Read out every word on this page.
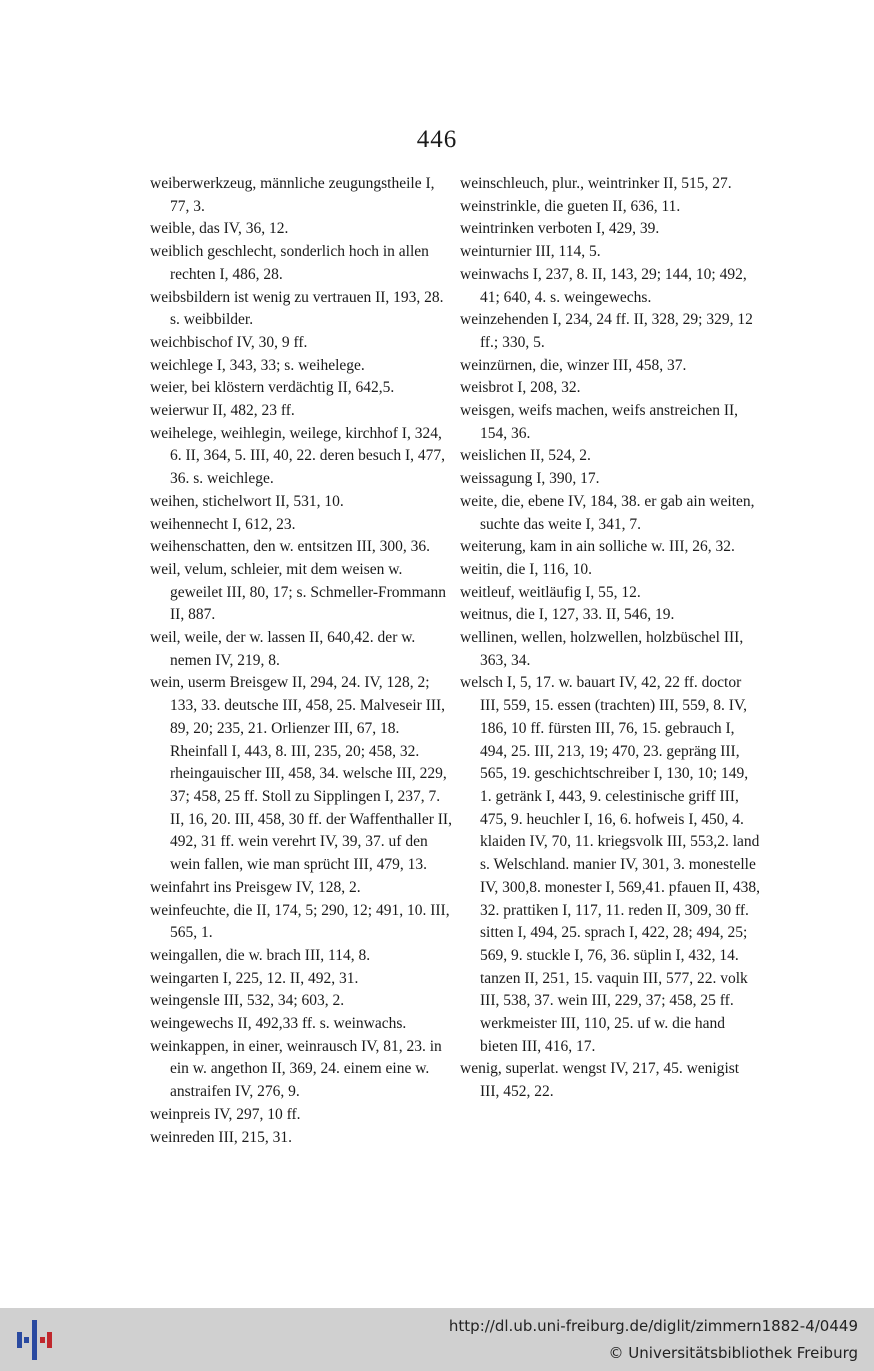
446

weiberwerkzeug, männliche zeugungstheile I, 77, 3.

weible, das IV, 36, 12.

weiblich geschlecht, sonderlich hoch in allen rechten I, 486, 28.

weibsbildern ist wenig zu vertrauen II, 193, 28. s. weibbilder.

weichbischof IV, 30, 9 ff.

weichlege I, 343, 33; s. weihelege.

weier, bei klöstern verdächtig II, 642,5.

weierwur II, 482, 23 ff.

weihelege, weihlegin, weilege, kirchhof I, 324, 6. II, 364, 5. III, 40, 22. deren besuch I, 477, 36. s. weichlege.

weihen, stichelwort II, 531, 10.

weihennecht I, 612, 23.

weihenschatten, den w. entsitzen III, 300, 36.

weil, velum, schleier, mit dem weisen w. geweilet III, 80, 17; s. Schmeller-Frommann II, 887.

weil, weile, der w. lassen II, 640,42. der w. nemen IV, 219, 8.

wein, userm Breisgew II, 294, 24. IV, 128, 2; 133, 33. deutsche III, 458, 25. Malveseir III, 89, 20; 235, 21. Orlienzer III, 67, 18. Rheinfall I, 443, 8. III, 235, 20; 458, 32. rheingauischer III, 458, 34. welsche III, 229, 37; 458, 25 ff. Stoll zu Sipplingen I, 237, 7. II, 16, 20. III, 458, 30 ff. der Waffenthaller II, 492, 31 ff. wein verehrt IV, 39, 37. uf den wein fallen, wie man sprücht III, 479, 13.

weinfahrt ins Preisgew IV, 128, 2.

weinfeuchte, die II, 174, 5; 290, 12; 491, 10. III, 565, 1.

weingallen, die w. brach III, 114, 8.

weingarten I, 225, 12. II, 492, 31.

weingensle III, 532, 34; 603, 2.

weingewechs II, 492,33 ff. s. weinwachs.

weinkappen, in einer, weinrausch IV, 81, 23. in ein w. angethon II, 369, 24. einem eine w. anstraifen IV, 276, 9.

weinpreis IV, 297, 10 ff.

weinreden III, 215, 31.

weinschleuch, plur., weintrinker II, 515, 27.

weinstrinkle, die gueten II, 636, 11.

weintrinken verboten I, 429, 39.

weinturnier III, 114, 5.

weinwachs I, 237, 8. II, 143, 29; 144, 10; 492, 41; 640, 4. s. weingewechs.

weinzehenden I, 234, 24 ff. II, 328, 29; 329, 12 ff.; 330, 5.

weinzürnen, die, winzer III, 458, 37.

weisbrot I, 208, 32.

weisgen, weifs machen, weifs anstreichen II, 154, 36.

weislichen II, 524, 2.

weissagung I, 390, 17.

weite, die, ebene IV, 184, 38. er gab ain weiten, suchte das weite I, 341, 7.

weiterung, kam in ain solliche w. III, 26, 32.

weitin, die I, 116, 10.

weitleuf, weitläufig I, 55, 12.

weitnus, die I, 127, 33. II, 546, 19.

wellinen, wellen, holzwellen, holzbüschel III, 363, 34.

welsch I, 5, 17. w. bauart IV, 42, 22 ff. doctor III, 559, 15. essen (trachten) III, 559, 8. IV, 186, 10 ff. fürsten III, 76, 15. gebrauch I, 494, 25. III, 213, 19; 470, 23. gepräng III, 565, 19. geschichtschreiber I, 130, 10; 149, 1. getränk I, 443, 9. celestinische griff III, 475, 9. heuchler I, 16, 6. hofweis I, 450, 4. klaiden IV, 70, 11. kriegsvolk III, 553,2. land s. Welschland. manier IV, 301, 3. monestelle IV, 300,8. monester I, 569,41. pfauen II, 438, 32. prattiken I, 117, 11. reden II, 309, 30 ff. sitten I, 494, 25. sprach I, 422, 28; 494, 25; 569, 9. stuckle I, 76, 36. süplin I, 432, 14. tanzen II, 251, 15. vaquin III, 577, 22. volk III, 538, 37. wein III, 229, 37; 458, 25 ff. werkmeister III, 110, 25. uf w. die hand bieten III, 416, 17.

wenig, superlat. wengst IV, 217, 45. wenigist III, 452, 22.

http://dl.ub.uni-freiburg.de/diglit/zimmern1882-4/0449
© Universitätsbibliothek Freiburg
